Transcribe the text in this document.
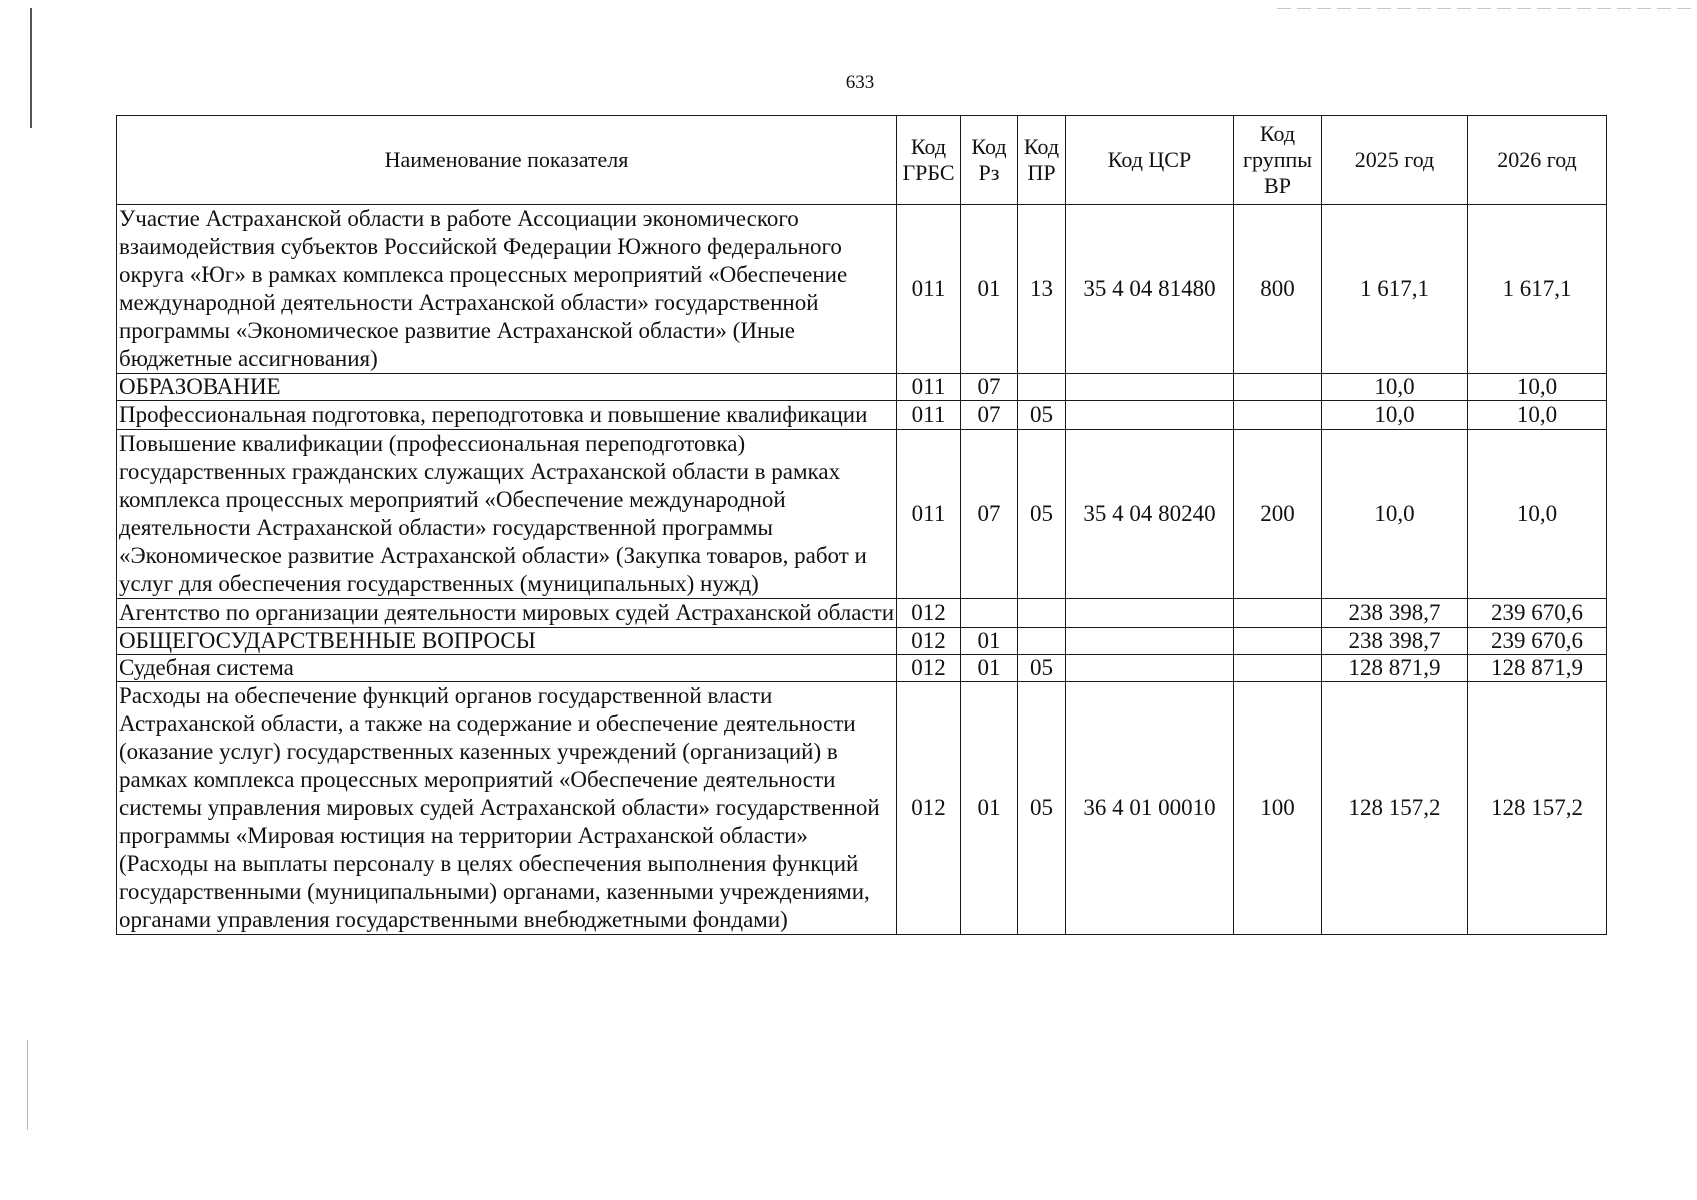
633
Наименование показателя	Код ГРБС	Код Рз	Код ПР	Код ЦСР	Код группы ВР	2025 год	2026 год
Участие Астраханской области в работе Ассоциации экономического взаимодействия субъектов Российской Федерации Южного федерального округа «Юг» в рамках комплекса процессных мероприятий «Обеспечение международной деятельности Астраханской области» государственной программы «Экономическое развитие Астраханской области» (Иные бюджетные ассигнования)	011	01	13	35 4 04 81480	800	1 617,1	1 617,1
ОБРАЗОВАНИЕ	011	07				10,0	10,0
Профессиональная подготовка, переподготовка и повышение квалификации	011	07	05			10,0	10,0
Повышение квалификации (профессиональная переподготовка) государственных гражданских служащих Астраханской области в рамках комплекса процессных мероприятий «Обеспечение международной деятельности Астраханской области» государственной программы «Экономическое развитие Астраханской области» (Закупка товаров, работ и услуг для обеспечения государственных (муниципальных) нужд)	011	07	05	35 4 04 80240	200	10,0	10,0
Агентство по организации деятельности мировых судей Астраханской области	012					238 398,7	239 670,6
ОБЩЕГОСУДАРСТВЕННЫЕ ВОПРОСЫ	012	01				238 398,7	239 670,6
Судебная система	012	01	05			128 871,9	128 871,9
Расходы на обеспечение функций органов государственной власти Астраханской области, а также на содержание и обеспечение деятельности (оказание услуг) государственных казенных учреждений (организаций) в рамках комплекса процессных мероприятий «Обеспечение деятельности системы управления мировых судей Астраханской области» государственной программы «Мировая юстиция на территории Астраханской области» (Расходы на выплаты персоналу в целях обеспечения выполнения функций государственными (муниципальными) органами, казенными учреждениями, органами управления государственными внебюджетными фондами)	012	01	05	36 4 01 00010	100	128 157,2	128 157,2
